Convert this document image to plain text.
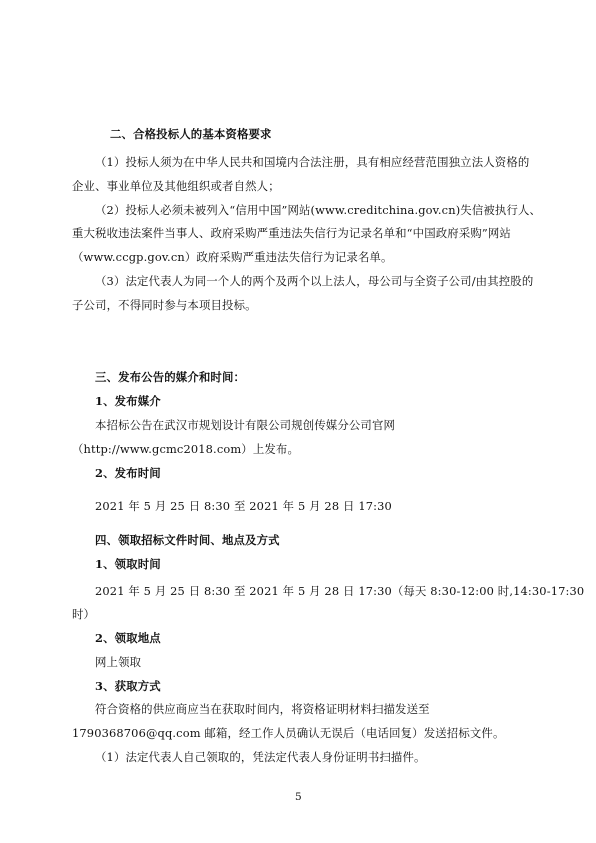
二、合格投标人的基本资格要求

（1）投标人须为在中华人民共和国境内合法注册，具有相应经营范围独立法人资格的

企业、事业单位及其他组织或者自然人；

（2）投标人必须未被列入“信用中国”网站(www.creditchina.gov.cn)失信被执行人、

重大税收违法案件当事人、政府采购严重违法失信行为记录名单和“中国政府采购”网站

（www.ccgp.gov.cn）政府采购严重违法失信行为记录名单。

（3）法定代表人为同一个人的两个及两个以上法人，母公司与全资子公司/由其控股的

子公司，不得同时参与本项目投标。

三、发布公告的媒介和时间：

1、发布媒介

本招标公告在武汉市规划设计有限公司规创传媒分公司官网

（http://www.gcmc2018.com）上发布。

2、发布时间

2021 年 5 月 25 日 8:30 至 2021 年 5 月 28 日 17:30

四、领取招标文件时间、地点及方式

1、领取时间

2021 年 5 月 25 日 8:30 至 2021 年 5 月 28 日 17:30（每天 8:30-12:00 时,14:30-17:30

时）

2、领取地点

网上领取

3、获取方式

符合资格的供应商应当在获取时间内，将资格证明材料扫描发送至

1790368706@qq.com 邮箱，经工作人员确认无误后（电话回复）发送招标文件。

（1）法定代表人自己领取的，凭法定代表人身份证明书扫描件。

5
